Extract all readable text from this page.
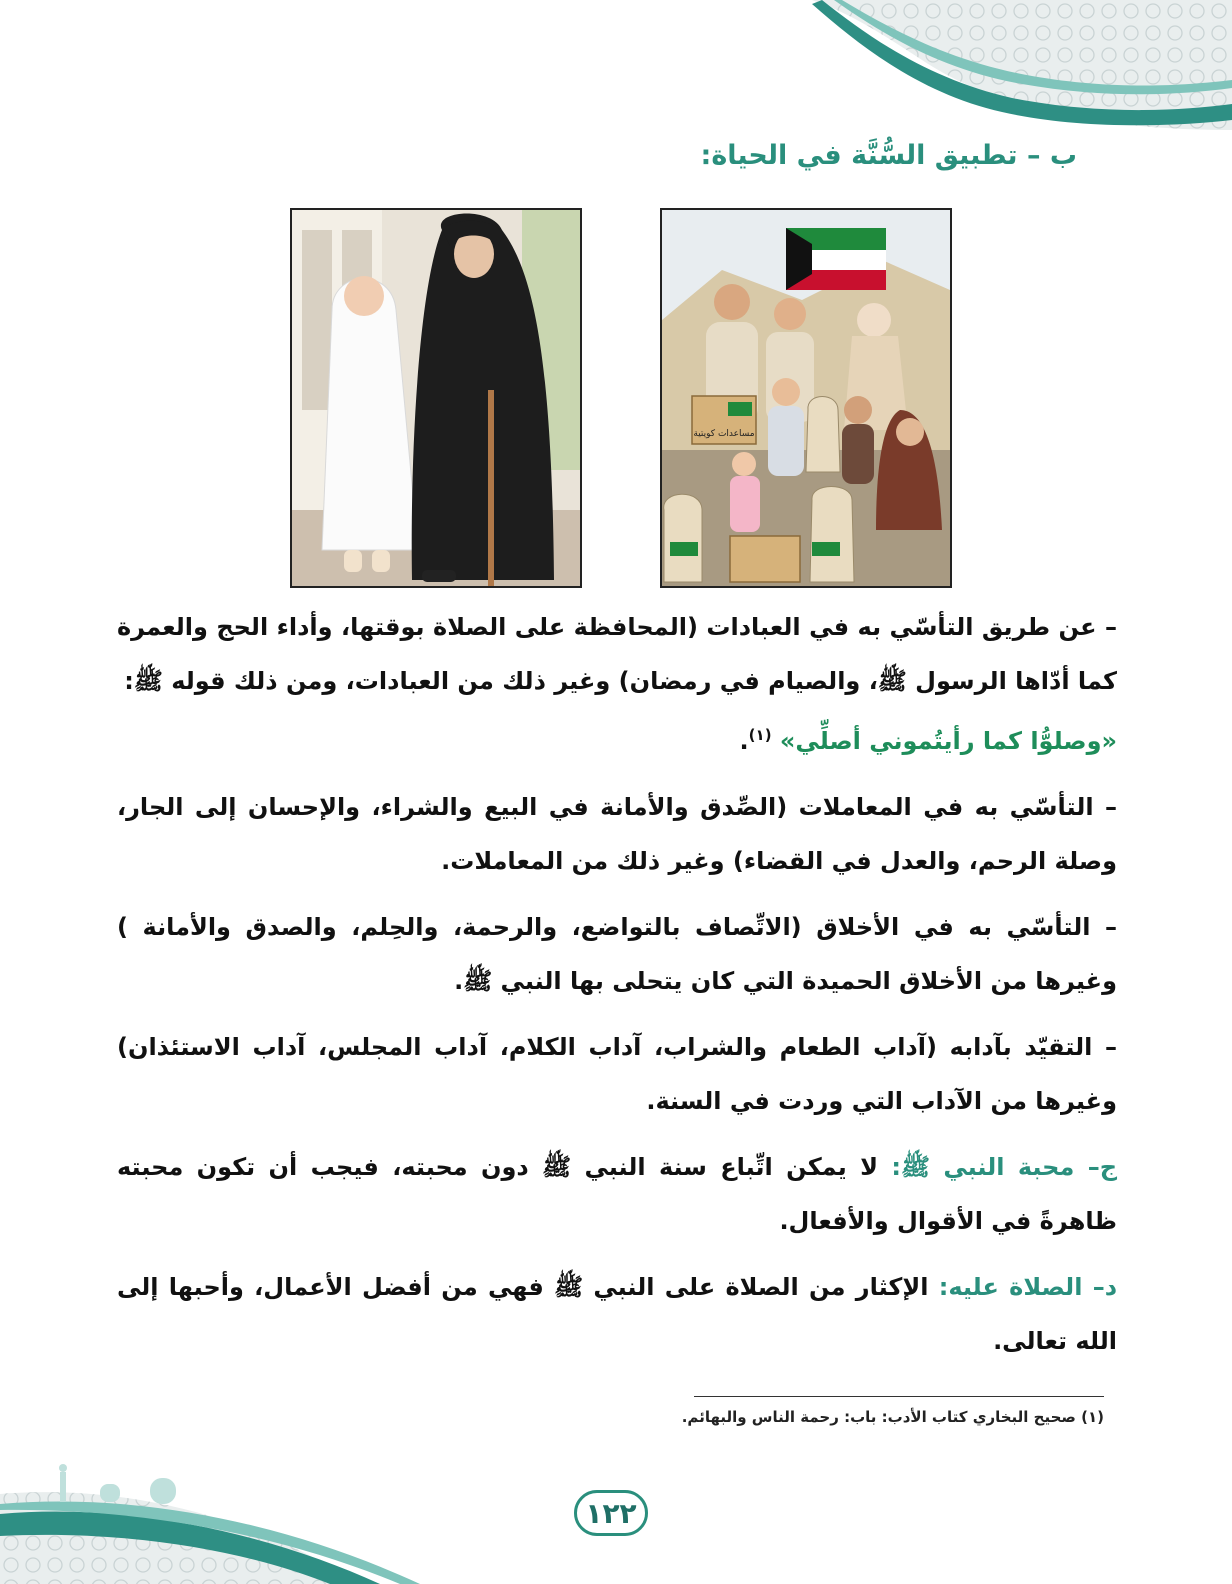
ب – تطبيق السُّنَّة في الحياة:
مساعدات كويتية

– عن طريق التأسّي به في العبادات (المحافظة على الصلاة بوقتها، وأداء الحج والعمرة كما أدّاها الرسول ﷺ، والصيام في رمضان) وغير ذلك من العبادات، ومن ذلك قوله ﷺ:
«وصلوُّا كما رأيتُموني أصلِّي» $^{(١)}$.

– التأسّي به في المعاملات (الصِّدق والأمانة في البيع والشراء، والإحسان إلى الجار، وصلة الرحم، والعدل في القضاء) وغير ذلك من المعاملات.

– التأسّي به في الأخلاق (الاتِّصاف بالتواضع، والرحمة، والحِلم، والصدق والأمانة ) وغيرها من الأخلاق الحميدة التي كان يتحلى بها النبي ﷺ.

– التقيّد بآدابه (آداب الطعام والشراب، آداب الكلام، آداب المجلس، آداب الاستئذان) وغيرها من الآداب التي وردت في السنة.

ج– محبة النبي ﷺ: لا يمكن اتِّباع سنة النبي ﷺ دون محبته، فيجب أن تكون محبته ظاهرةً في الأقوال والأفعال.

د– الصلاة عليه: الإكثار من الصلاة على النبي ﷺ فهي من أفضل الأعمال، وأحبها إلى الله تعالى.

(١) صحيح البخاري كتاب الأدب: باب: رحمة الناس والبهائم.
١٢٢
